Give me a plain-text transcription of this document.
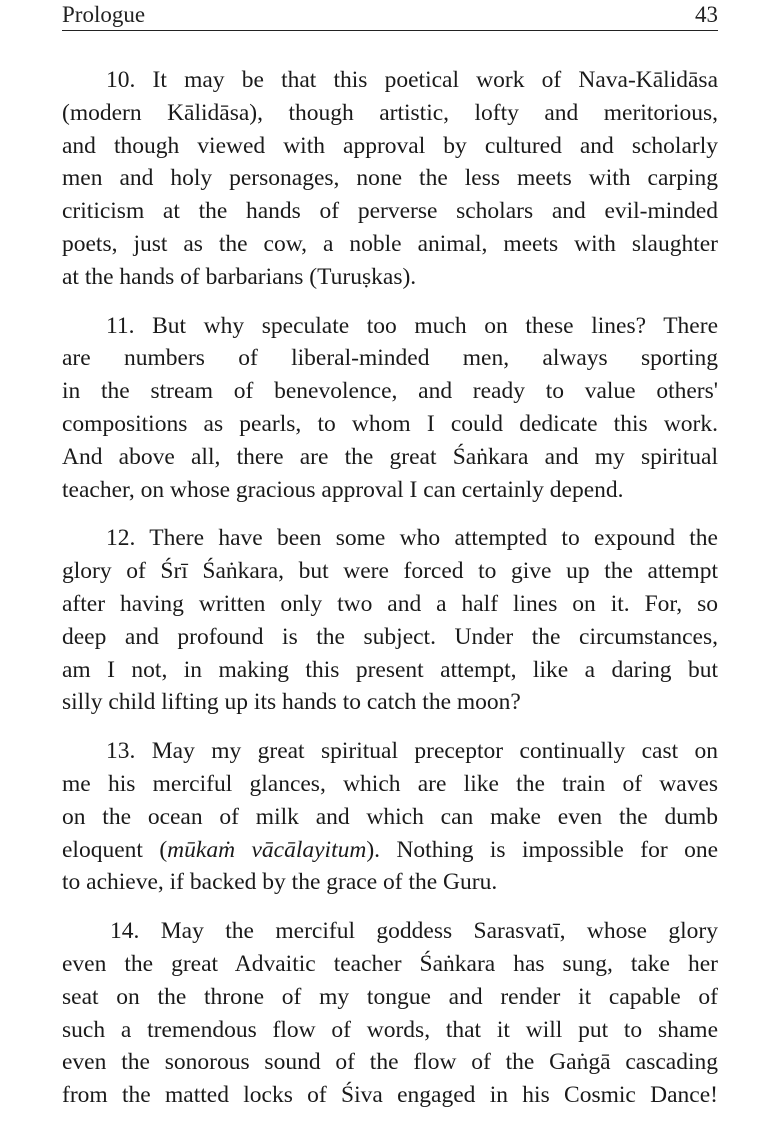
Prologue	43

10. It may be that this poetical work of Nava-Kālidāsa
(modern Kālidāsa), though artistic, lofty and meritorious,
and though viewed with approval by cultured and scholarly
men and holy personages, none the less meets with carping
criticism at the hands of perverse scholars and evil-minded
poets, just as the cow, a noble animal, meets with slaughter
at the hands of barbarians (Turuṣkas).

11. But why speculate too much on these lines? There
are numbers of liberal-minded men, always sporting
in the stream of benevolence, and ready to value others'
compositions as pearls, to whom I could dedicate this work.
And above all, there are the great Śaṅkara and my spiritual
teacher, on whose gracious approval I can certainly depend.

12. There have been some who attempted to expound the
glory of Śrī Śaṅkara, but were forced to give up the attempt
after having written only two and a half lines on it. For, so
deep and profound is the subject. Under the circumstances,
am I not, in making this present attempt, like a daring but
silly child lifting up its hands to catch the moon?

13. May my great spiritual preceptor continually cast on
me his merciful glances, which are like the train of waves
on the ocean of milk and which can make even the dumb
eloquent (mūkaṁ vācālayitum). Nothing is impossible for one
to achieve, if backed by the grace of the Guru.

14. May the merciful goddess Sarasvatī, whose glory
even the great Advaitic teacher Śaṅkara has sung, take her
seat on the throne of my tongue and render it capable of
such a tremendous flow of words, that it will put to shame
even the sonorous sound of the flow of the Gaṅgā cascading
from the matted locks of Śiva engaged in his Cosmic Dance!
